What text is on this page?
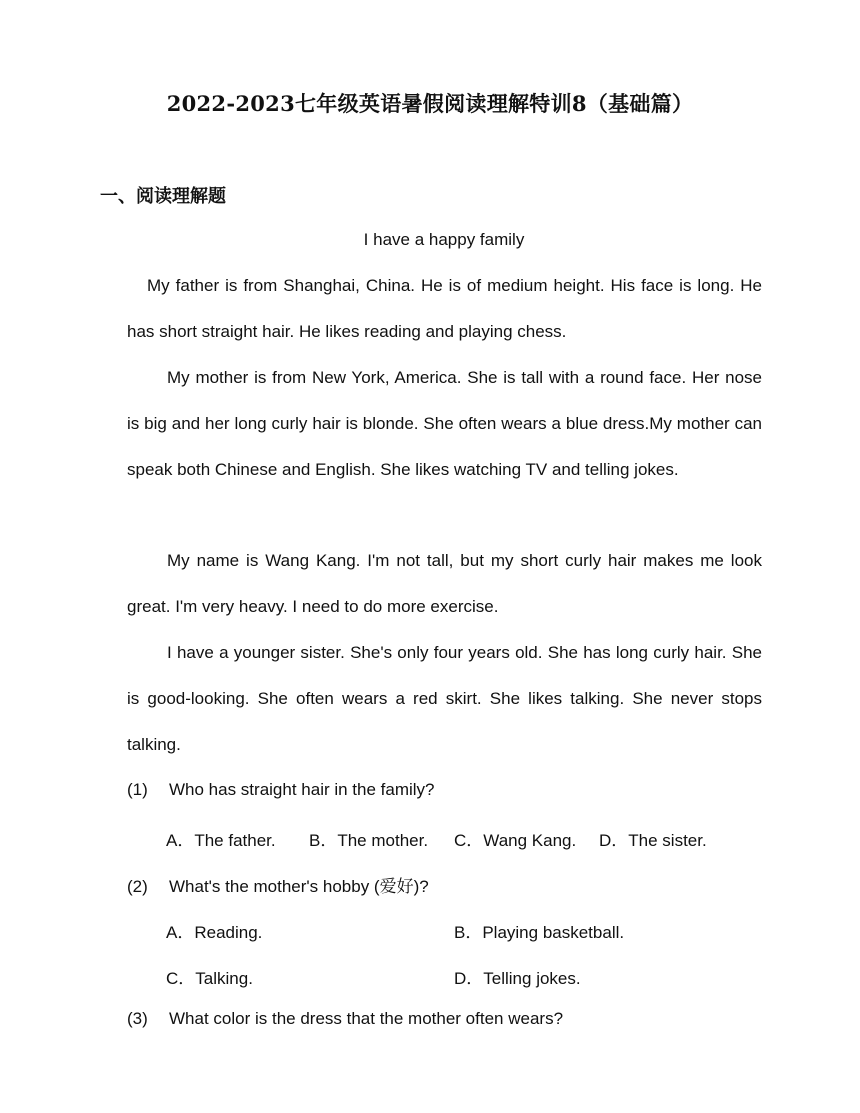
2022-2023七年级英语暑假阅读理解特训8（基础篇）
一、阅读理解题
I have a happy family
My father is from Shanghai, China. He is of medium height. His face is long. He has short straight hair. He likes reading and playing chess.
My mother is from New York, America. She is tall with a round face. Her nose is big and her long curly hair is blonde. She often wears a blue dress.My mother can speak both Chinese and English. She likes watching TV and telling jokes.
My name is Wang Kang. I'm not tall, but my short curly hair makes me look great. I'm very heavy. I need to do more exercise.
I have a younger sister. She's only four years old. She has long curly hair. She is good-looking. She often wears a red skirt. She likes talking. She never stops talking.
(1) Who has straight hair in the family?
A．The father. B．The mother. C．Wang Kang. D．The sister.
(2) What's the mother's hobby (爱好)?
A．Reading.	B．Playing basketball.
C．Talking.	D．Telling jokes.
(3) What color is the dress that the mother often wears?
